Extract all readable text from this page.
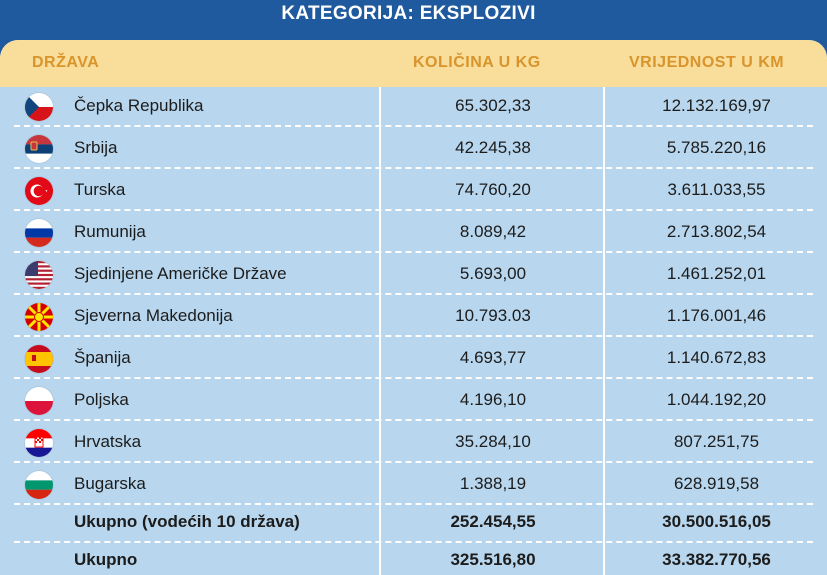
KATEGORIJA: EKSPLOZIVI
DRŽAVA	KOLIČINA U KG	VRIJEDNOST U KM
Čepka Republika	65.302,33	12.132.169,97
Srbija	42.245,38	5.785.220,16
Turska	74.760,20	3.611.033,55
Rumunija	8.089,42	2.713.802,54
Sjedinjene Američke Države	5.693,00	1.461.252,01
Sjeverna Makedonija	10.793.03	1.176.001,46
Španija	4.693,77	1.140.672,83
Poljska	4.196,10	1.044.192,20
Hrvatska	35.284,10	807.251,75
Bugarska	1.388,19	628.919,58
Ukupno (vodećih 10 država)	252.454,55	30.500.516,05
Ukupno	325.516,80	33.382.770,56
